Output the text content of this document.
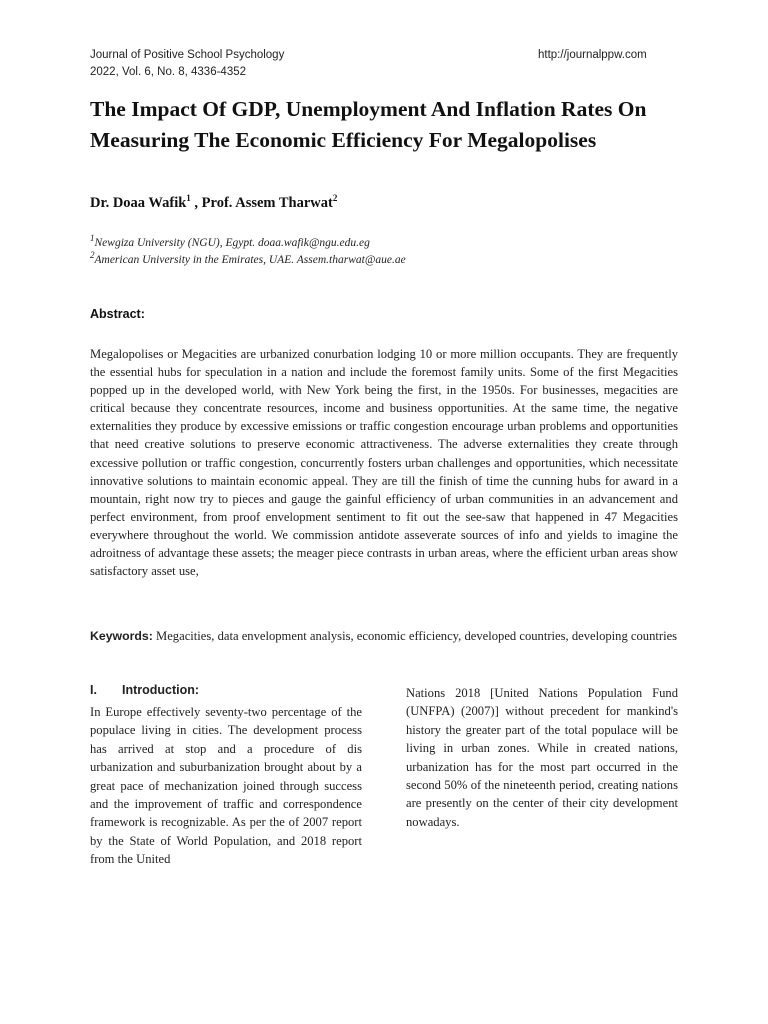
Journal of Positive School Psychology
2022, Vol. 6, No. 8, 4336-4352
http://journalppw.com
The Impact Of GDP, Unemployment And Inflation Rates On Measuring The Economic Efficiency For Megalopolises

Dr. Doaa Wafik$^1$ , Prof. Assem Tharwat$^2$

$^1$Newgiza University (NGU), Egypt. doaa.wafik@ngu.edu.eg

$^2$American University in the Emirates, UAE. Assem.tharwat@aue.ae

Abstract:

Megalopolises or Megacities are urbanized conurbation lodging 10 or more million occupants. They are frequently the essential hubs for speculation in a nation and include the foremost family units. Some of the first Megacities popped up in the developed world, with New York being the first, in the 1950s. For businesses, megacities are critical because they concentrate resources, income and business opportunities. At the same time, the negative externalities they produce by excessive emissions or traffic congestion encourage urban problems and opportunities that need creative solutions to preserve economic attractiveness. The adverse externalities they create through excessive pollution or traffic congestion, concurrently fosters urban challenges and opportunities, which necessitate innovative solutions to maintain economic appeal. They are till the finish of time the cunning hubs for award in a mountain, right now try to pieces and gauge the gainful efficiency of urban communities in an advancement and perfect environment, from proof envelopment sentiment to fit out the see-saw that happened in 47 Megacities everywhere throughout the world. We commission antidote asseverate sources of info and yields to imagine the adroitness of advantage these assets; the meager piece contrasts in urban areas, where the efficient urban areas show satisfactory asset use,

Keywords: Megacities, data envelopment analysis, economic efficiency, developed countries, developing countries

I. Introduction:

In Europe effectively seventy-two percentage of the populace living in cities. The development process has arrived at stop and a procedure of dis urbanization and suburbanization brought about by a great pace of mechanization joined through success and the improvement of traffic and correspondence framework is recognizable. As per the of 2007 report by the State of World Population, and 2018 report from the United

Nations 2018 [United Nations Population Fund (UNFPA) (2007)] without precedent for mankind's history the greater part of the total populace will be living in urban zones. While in created nations, urbanization has for the most part occurred in the second 50% of the nineteenth period, creating nations are presently on the center of their city development nowadays.
